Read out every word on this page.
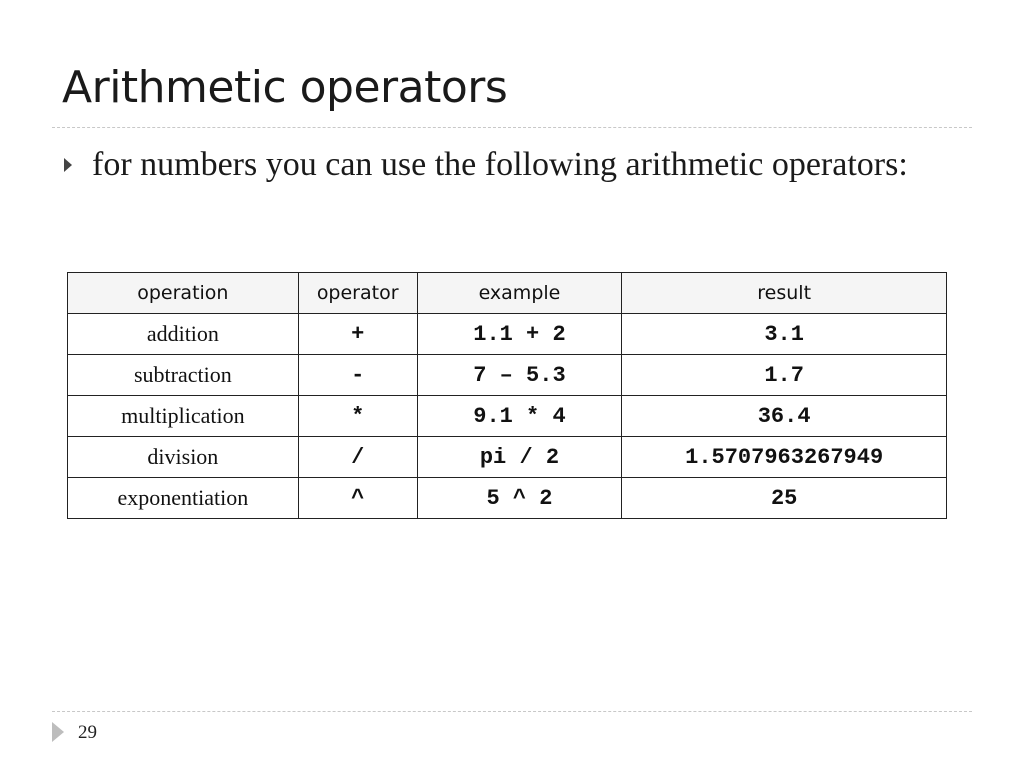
Arithmetic operators
for numbers you can use the following arithmetic operators:
operation	operator	example	result
addition	+	1.1 + 2	3.1
subtraction	-	7 – 5.3	1.7
multiplication	*	9.1 * 4	36.4
division	/	pi / 2	1.5707963267949
exponentiation	^	5 ^ 2	25
29
